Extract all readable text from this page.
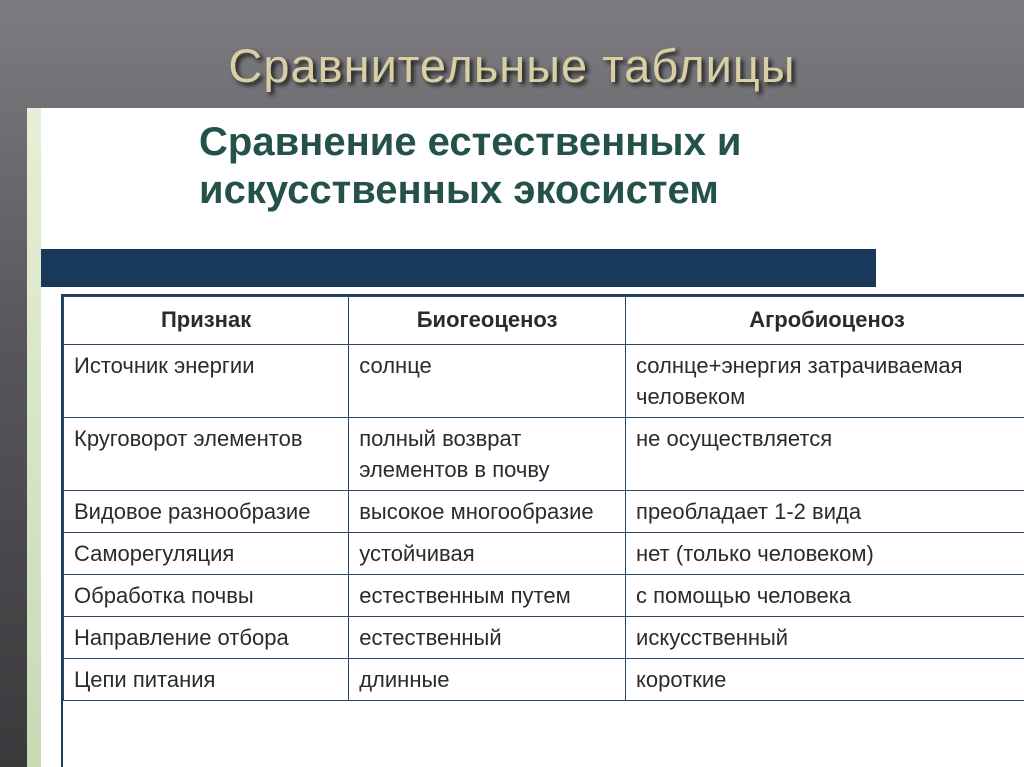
Сравнительные таблицы
Сравнение естественных и
искусственных экосистем
Признак	Биогеоценоз	Агробиоценоз
Источник энергии	солнце	солнце+энергия затрачиваемая человеком
Круговорот элементов	полный возврат элементов в почву	не осуществляется
Видовое разнообразие	высокое многообразие	преобладает 1-2 вида
Саморегуляция	устойчивая	нет (только человеком)
Обработка почвы	естественным путем	с помощью человека
Направление отбора	естественный	искусственный
Цепи питания	длинные	короткие
